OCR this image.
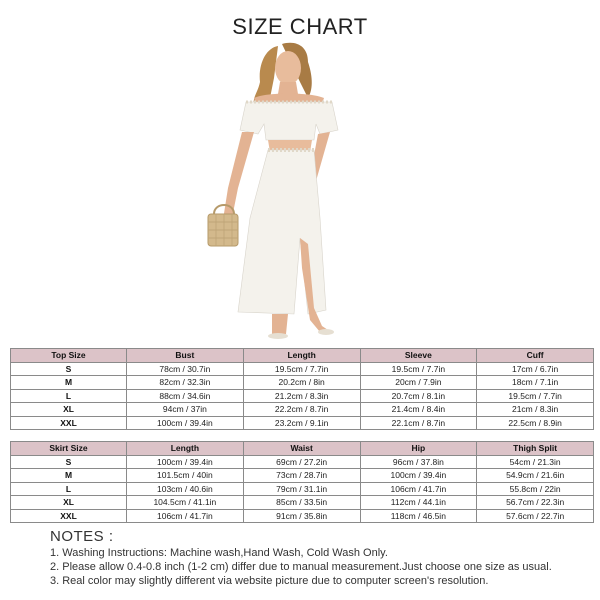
SIZE CHART
Top Size	Bust	Length	Sleeve	Cuff
S	78cm / 30.7in	19.5cm / 7.7in	19.5cm / 7.7in	17cm / 6.7in
M	82cm / 32.3in	20.2cm / 8in	20cm / 7.9in	18cm / 7.1in
L	88cm / 34.6in	21.2cm / 8.3in	20.7cm / 8.1in	19.5cm / 7.7in
XL	94cm / 37in	22.2cm / 8.7in	21.4cm / 8.4in	21cm / 8.3in
XXL	100cm / 39.4in	23.2cm / 9.1in	22.1cm / 8.7in	22.5cm / 8.9in
Skirt Size	Length	Waist	Hip	Thigh Split
S	100cm / 39.4in	69cm / 27.2in	96cm / 37.8in	54cm / 21.3in
M	101.5cm / 40in	73cm / 28.7in	100cm / 39.4in	54.9cm / 21.6in
L	103cm / 40.6in	79cm / 31.1in	106cm / 41.7in	55.8cm / 22in
XL	104.5cm / 41.1in	85cm / 33.5in	112cm / 44.1in	56.7cm / 22.3in
XXL	106cm / 41.7in	91cm / 35.8in	118cm / 46.5in	57.6cm / 22.7in
NOTES :
1. Washing Instructions: Machine wash,Hand Wash, Cold Wash Only.
2. Please allow 0.4-0.8 inch (1-2 cm) differ due to manual measurement.Just choose one size as usual.
3. Real color may slightly different via website picture due to computer screen's resolution.
